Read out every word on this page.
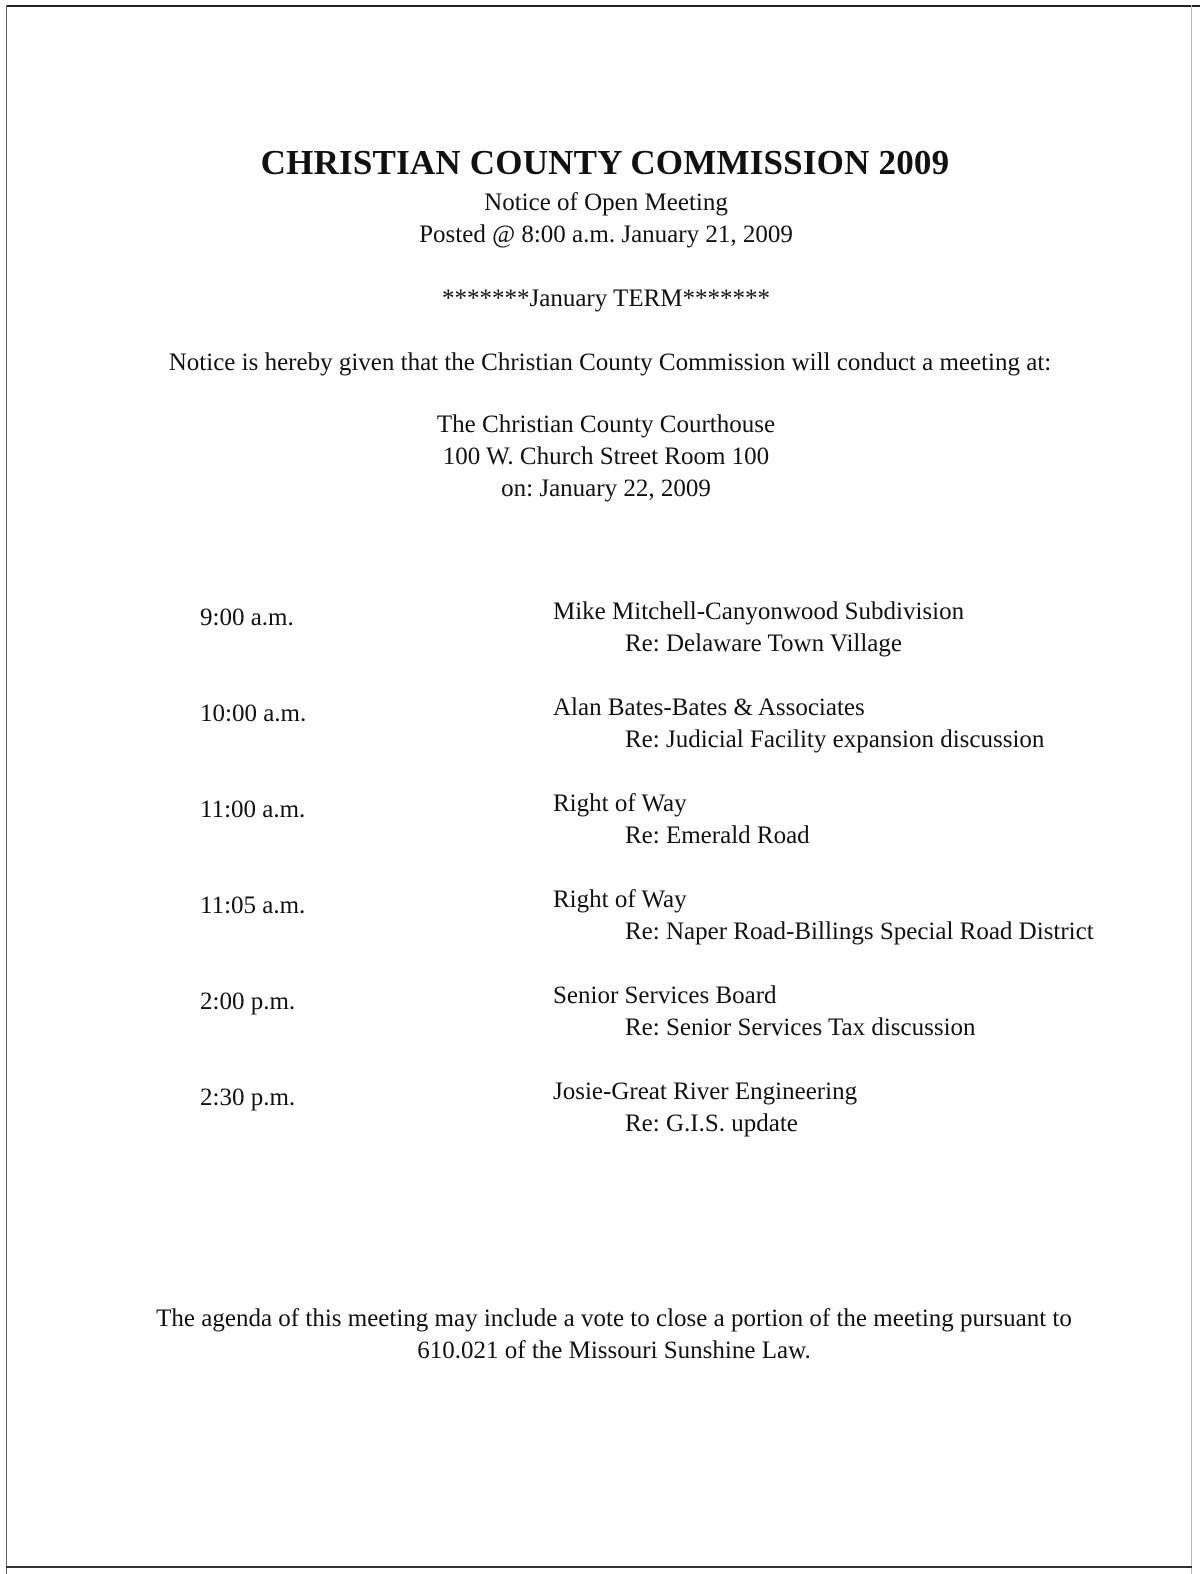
CHRISTIAN COUNTY COMMISSION 2009
Notice of Open Meeting
Posted @ 8:00 a.m. January 21, 2009
*******January TERM*******
Notice is hereby given that the Christian County Commission will conduct a meeting at:
The Christian County Courthouse
100 W. Church Street Room 100
on: January 22, 2009
9:00 a.m.	Mike Mitchell-Canyonwood Subdivision
Re: Delaware Town Village
10:00 a.m.	Alan Bates-Bates & Associates
Re: Judicial Facility expansion discussion
11:00 a.m.	Right of Way
Re: Emerald Road
11:05 a.m.	Right of Way
Re: Naper Road-Billings Special Road District
2:00 p.m.	Senior Services Board
Re: Senior Services Tax discussion
2:30 p.m.	Josie-Great River Engineering
Re: G.I.S. update
The agenda of this meeting may include a vote to close a portion of the meeting pursuant to
610.021 of the Missouri Sunshine Law.
